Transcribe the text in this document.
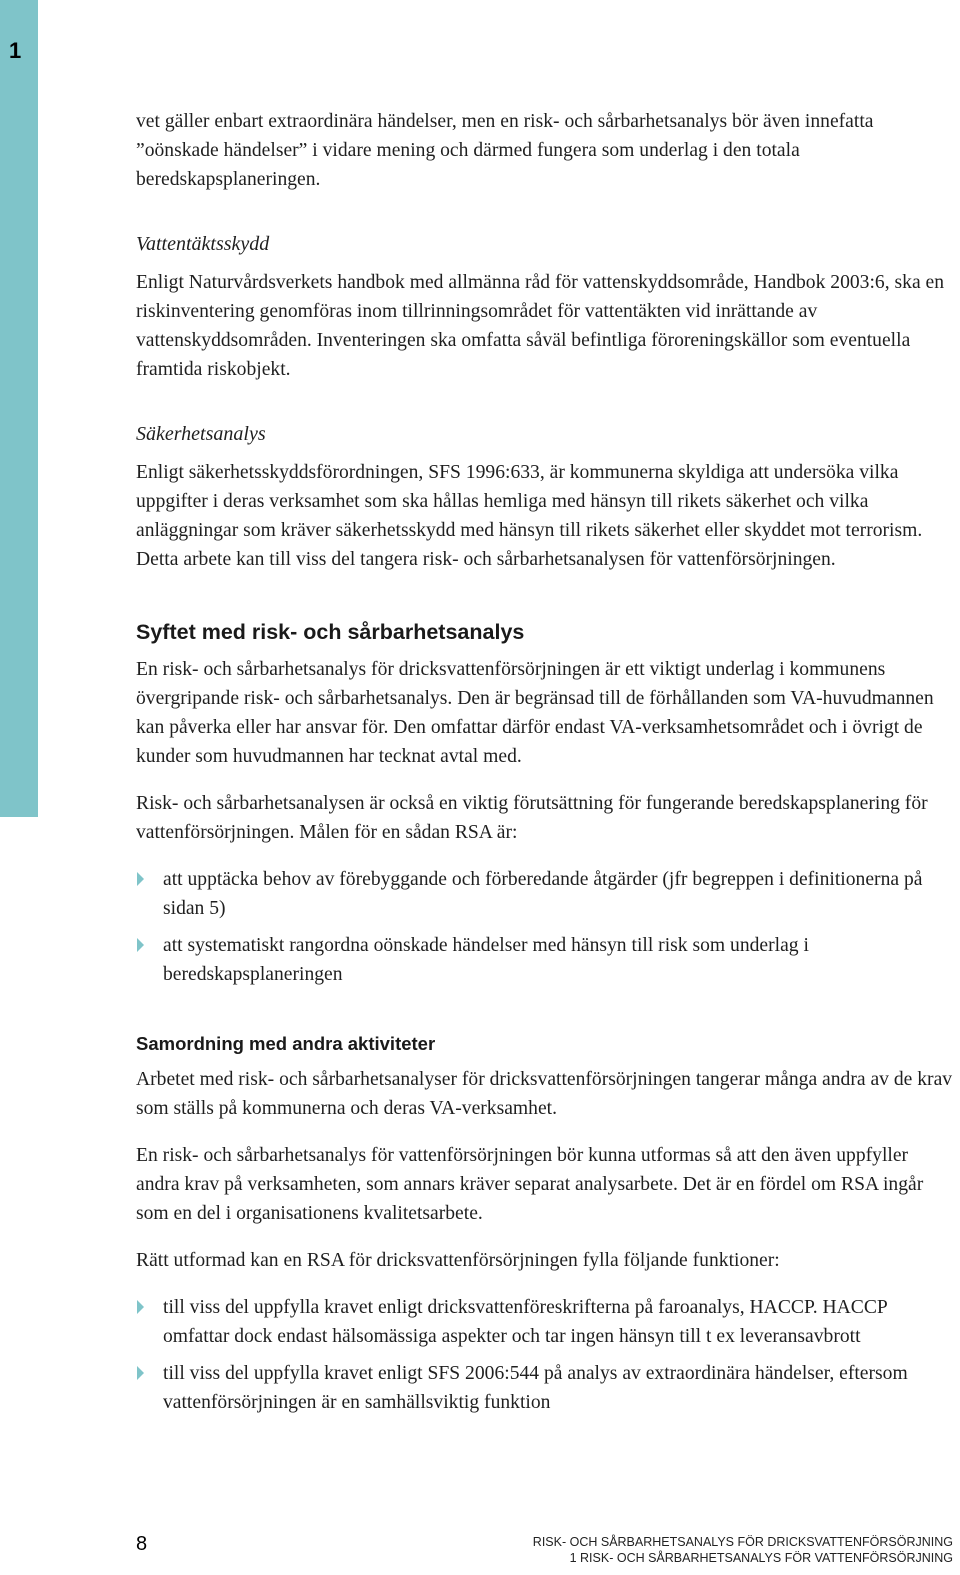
1

vet gäller enbart extraordinära händelser, men en risk- och sårbarhetsanalys bör även innefatta ”oönskade händelser” i vidare mening och därmed fungera som underlag i den totala beredskapsplaneringen.

Vattentäktsskydd

Enligt Naturvårdsverkets handbok med allmänna råd för vattenskyddsområde, Handbok 2003:6, ska en riskinventering genomföras inom tillrinningsområdet för vattentäkten vid inrättande av vattenskyddsområden. Inventeringen ska omfatta såväl befintliga föroreningskällor som eventuella framtida riskobjekt.

Säkerhetsanalys

Enligt säkerhetsskyddsförordningen, SFS 1996:633, är kommunerna skyldiga att undersöka vilka uppgifter i deras verksamhet som ska hållas hemliga med hänsyn till rikets säkerhet och vilka anläggningar som kräver säkerhetsskydd med hänsyn till rikets säkerhet eller skyddet mot terrorism. Detta arbete kan till viss del tangera risk- och sårbarhetsanalysen för vattenförsörjningen.

Syftet med risk- och sårbarhetsanalys

En risk- och sårbarhetsanalys för dricksvattenförsörjningen är ett viktigt underlag i kommunens övergripande risk- och sårbarhetsanalys. Den är begränsad till de förhållanden som VA-huvudmannen kan påverka eller har ansvar för. Den omfattar därför endast VA-verksamhetsområdet och i övrigt de kunder som huvudmannen har tecknat avtal med.

Risk- och sårbarhetsanalysen är också en viktig förutsättning för fungerande beredskapsplanering för vattenförsörjningen. Målen för en sådan RSA är:

att upptäcka behov av förebyggande och förberedande åtgärder (jfr begreppen i definitionerna på sidan 5)
att systematiskt rangordna oönskade händelser med hänsyn till risk som underlag i beredskapsplaneringen
Samordning med andra aktiviteter

Arbetet med risk- och sårbarhetsanalyser för dricksvattenförsörjningen tangerar många andra av de krav som ställs på kommunerna och deras VA-verksamhet.

En risk- och sårbarhetsanalys för vattenförsörjningen bör kunna utformas så att den även uppfyller andra krav på verksamheten, som annars kräver separat analysarbete. Det är en fördel om RSA ingår som en del i organisationens kvalitetsarbete.

Rätt utformad kan en RSA för dricksvattenförsörjningen fylla följande funktioner:

till viss del uppfylla kravet enligt dricksvattenföreskrifterna på faroanalys, HACCP. HACCP omfattar dock endast hälsomässiga aspekter och tar ingen hänsyn till t ex leveransavbrott
till viss del uppfylla kravet enligt SFS 2006:544 på analys av extraordinära händelser, eftersom vattenförsörjningen är en samhällsviktig funktion
8	RISK- OCH SÅRBARHETSANALYS FÖR DRICKSVATTENFÖRSÖRJNING
1 RISK- OCH SÅRBARHETSANALYS FÖR VATTENFÖRSÖRJNING
